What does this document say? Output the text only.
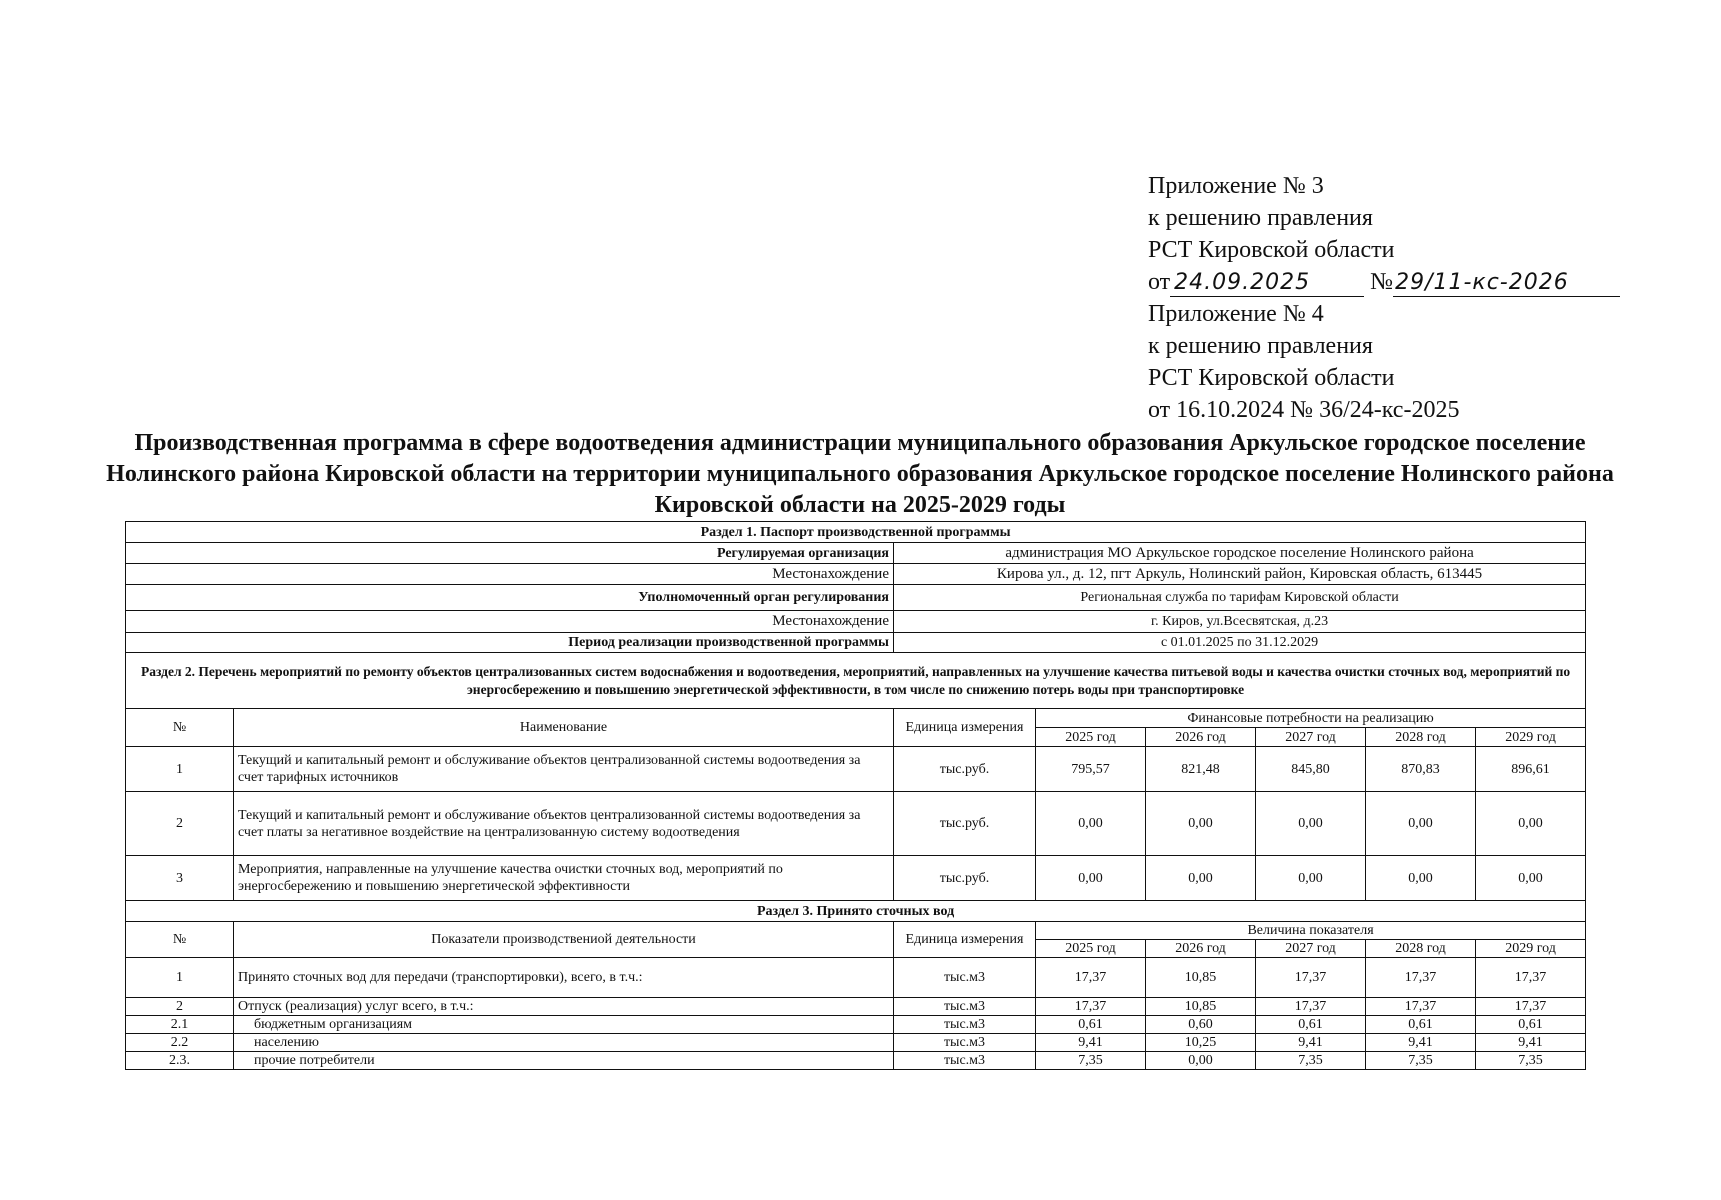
Приложение № 3
к решению правления
РСТ Кировской области
от 24.09.2025	№29/11-кс-2026
Приложение № 4
к решению правления
РСТ Кировской области
от 16.10.2024 № 36/24-кс-2025
Производственная программа в сфере водоотведения администрации муниципального образования Аркульское городское поселение Нолинского района Кировской области на территории муниципального образования Аркульское городское поселение Нолинского района Кировской области на 2025-2029 годы
Раздел 1. Паспорт производственной программы							
Регулируемая организация		администрация МО Аркульское городское поселение Нолинского района					
Местонахождение		Кирова ул., д. 12, пгт Аркуль, Нолинский район, Кировская область, 613445					
Уполномоченный орган регулирования		Региональная служба по тарифам Кировской области					
Местонахождение		г. Киров, ул.Всесвятская, д.23					
Период реализации производственной программы		с 01.01.2025 по 31.12.2029					
Раздел 2. Перечень мероприятий по ремонту объектов централизованных систем водоснабжения и водоотведения, мероприятий, направленных на улучшение качества питьевой воды и качества очистки сточных вод, мероприятий по энергосбережению и повышению энергетической эффективности, в том числе по снижению потерь воды при транспортировке							
№	Наименование	Единица измерения	Финансовые потребности на реализацию				
			2025 год	2026 год	2027 год	2028 год	2029 год
1	Текущий и капитальный ремонт и обслуживание объектов централизованной системы водоотведения за счет тарифных источников	тыс.руб.	795,57	821,48	845,80	870,83	896,61
2	Текущий и капитальный ремонт и обслуживание объектов централизованной системы водоотведения за счет платы за негативное воздействие на централизованную систему водоотведения	тыс.руб.	0,00	0,00	0,00	0,00	0,00
3	Мероприятия, направленные на улучшение качества очистки сточных вод, мероприятий по энергосбережению и повышению энергетической эффективности	тыс.руб.	0,00	0,00	0,00	0,00	0,00
Раздел 3. Принято сточных вод							
№	Показатели производствениой деятельности	Единица измерения	Величина показателя				
			2025 год	2026 год	2027 год	2028 год	2029 год
1	Принято сточных вод для передачи (транспортировки), всего, в т.ч.:	тыс.м3	17,37	10,85	17,37	17,37	17,37
2	Отпуск (реализация) услуг всего, в т.ч.:	тыс.м3	17,37	10,85	17,37	17,37	17,37
2.1	бюджетным организациям	тыс.м3	0,61	0,60	0,61	0,61	0,61
2.2	населению	тыс.м3	9,41	10,25	9,41	9,41	9,41
2.3.	прочие потребители	тыс.м3	7,35	0,00	7,35	7,35	7,35
